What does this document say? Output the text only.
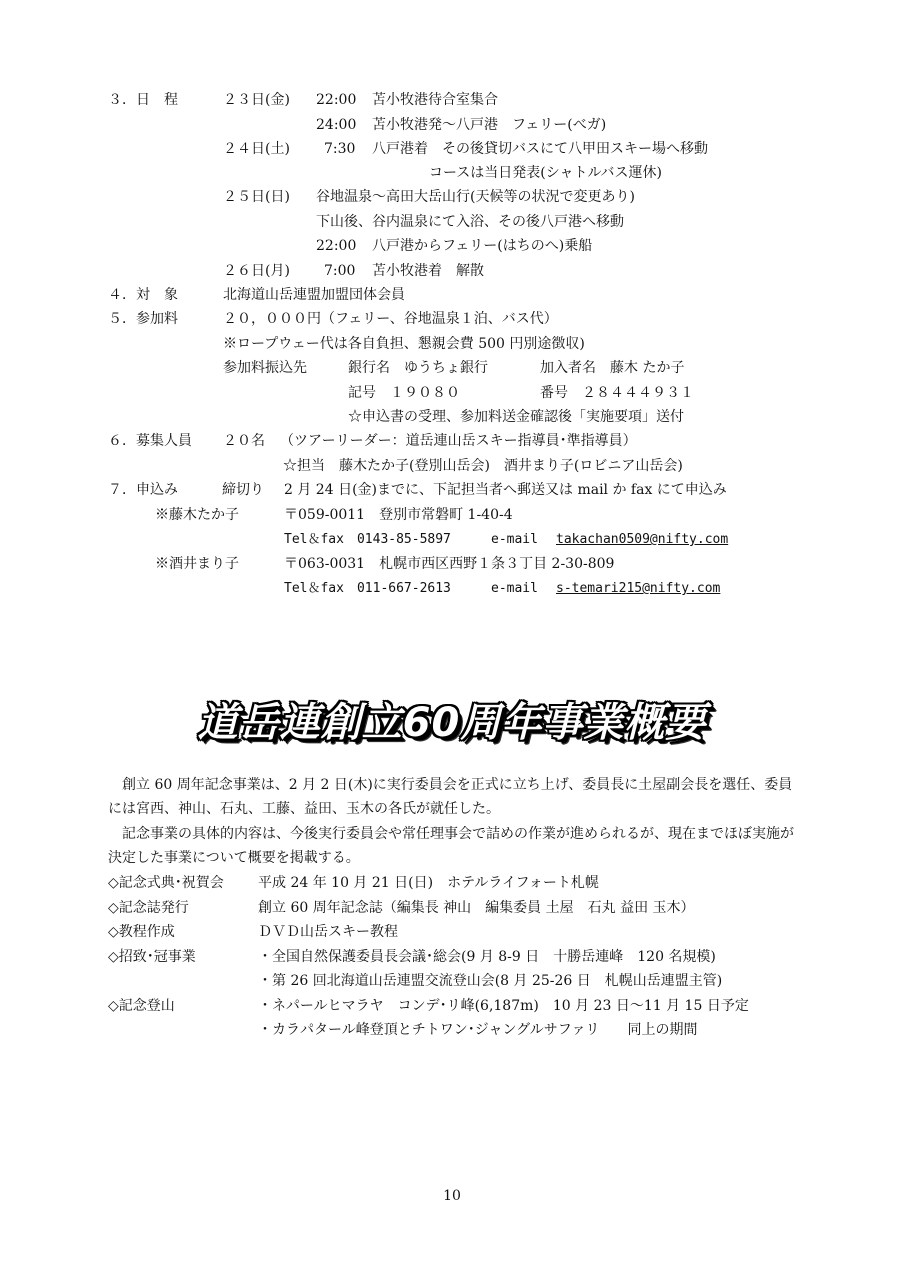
３．日　程	２３日(金) 22:00 苫小牧港待合室集合
24:00 苫小牧港発～八戸港　フェリー(べガ)
２４日(土) 7:30 八戸港着　その後貸切バスにて八甲田スキー場へ移動
コースは当日発表(シャトルバス運休)
２５日(日) 谷地温泉～高田大岳山行(天候等の状況で変更あり)
下山後、谷内温泉にて入浴、その後八戸港へ移動
22:00 八戸港からフェリー(はちのへ)乗船
２６日(月) 7:00 苫小牧港着　解散
４．対　象	北海道山岳連盟加盟団体会員
５．参加料	２０，０００円（フェリー、谷地温泉１泊、バス代）
※ロープウェー代は各自負担、懇親会費 500 円別途徴収)
参加料振込先	銀行名　ゆうちょ銀行	加入者名　藤木 たか子
記号　１９０８０	番号　２８４４４９３１
☆申込書の受理、参加料送金確認後「実施要項」送付
６．募集人員 ２０名 （ツアーリーダー：道岳連山岳スキー指導員･準指導員）
☆担当　藤木たか子(登別山岳会)　酒井まり子(ロビニア山岳会)
７．申込み	締切り 2 月 24 日(金)までに、下記担当者へ郵送又は mail か fax にて申込み
※藤木たか子	〒059-0011　登別市常磐町 1-40-4
Tel＆fax　0143-85-5897	e-mail takachan0509@nifty.com
※酒井まり子	〒063-0031　札幌市西区西野１条３丁目 2-30-809
Tel＆fax　011-667-2613	e-mail s-temari215@nifty.com
道岳連創立60周年事業概要
創立 60 周年記念事業は、2 月 2 日(木)に実行委員会を正式に立ち上げ、委員長に土屋副会長を選任、委員には宮西、神山、石丸、工藤、益田、玉木の各氏が就任した。
記念事業の具体的内容は、今後実行委員会や常任理事会で詰めの作業が進められるが、現在までほぼ実施が決定した事業について概要を掲載する。
◇記念式典･祝賀会 平成 24 年 10 月 21 日(日)　ホテルライフォート札幌
◇記念誌発行	創立 60 周年記念誌（編集長 神山　編集委員 土屋　石丸 益田 玉木）
◇教程作成	ＤＶＤ山岳スキー教程
◇招致･冠事業	・全国自然保護委員長会議･総会(9 月 8-9 日　十勝岳連峰　120 名規模)
・第 26 回北海道山岳連盟交流登山会(8 月 25-26 日　札幌山岳連盟主管)
◇記念登山	・ネパールヒマラヤ　コンデ･リ峰(6,187m)　10 月 23 日～11 月 15 日予定
・カラパタール峰登頂とチトワン･ジャングルサファリ　　同上の期間
10
